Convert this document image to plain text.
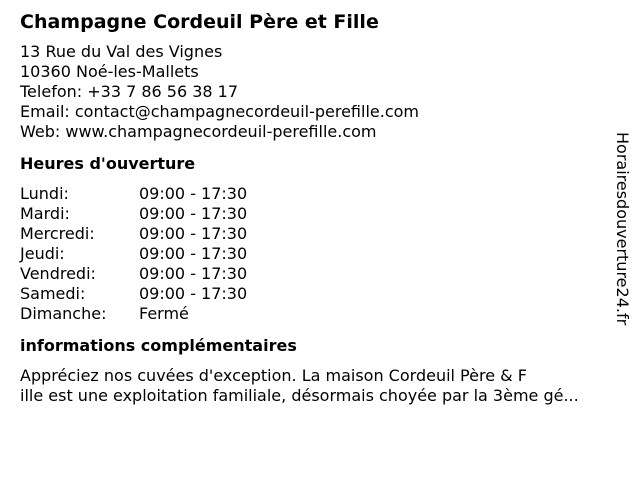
Champagne Cordeuil Père et Fille
13 Rue du Val des Vignes
10360 Noé-les-Mallets
Telefon: +33 7 86 56 38 17
Email: contact@champagnecordeuil-perefille.com
Web: www.champagnecordeuil-perefille.com
Heures d'ouverture
Lundi:	09:00 - 17:30
Mardi:	09:00 - 17:30
Mercredi:	09:00 - 17:30
Jeudi:	09:00 - 17:30
Vendredi:	09:00 - 17:30
Samedi:	09:00 - 17:30
Dimanche:	Fermé
informations complémentaires
Appréciez nos cuvées d'exception. La maison Cordeuil Père & F
ille est une exploitation familiale, désormais choyée par la 3ème gé...
Horairesdouverture24.fr
